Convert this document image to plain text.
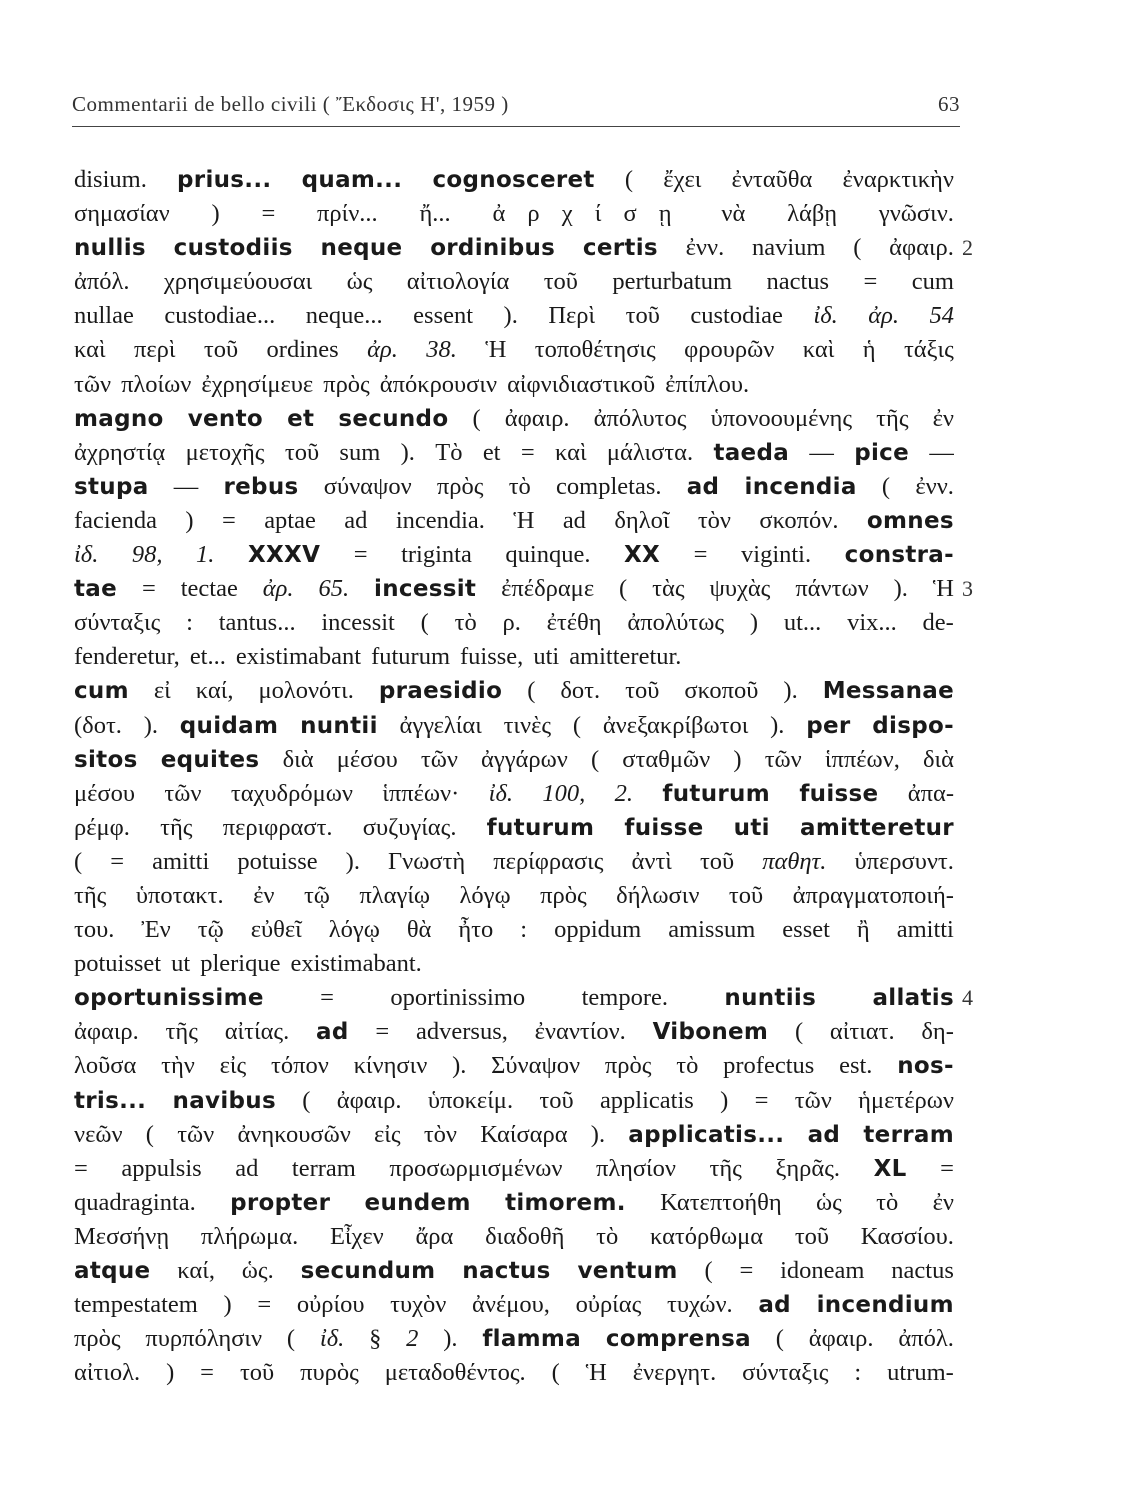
Commentarii de bello civili ( Ἔκδοσις Η', 1959 )	63
disium. prius... quam... cognosceret ( ἔχει ἐνταῦθα ἐναρκτικὴν
σημασίαν ) = πρίν... ἤ... ἀ ρ χ ί σ ῃ νὰ λάβῃ γνῶσιν.
nullis custodiis neque ordinibus certis ἐνν. navium ( ἀφαιρ.
ἀπόλ. χρησιμεύουσαι ὡς αἰτιολογία τοῦ perturbatum nactus = cum
nullae custodiae... neque... essent ). Περὶ τοῦ custodiae ἰδ. ἀρ. 54
καὶ περὶ τοῦ ordines ἀρ. 38. Ἡ τοποθέτησις φρουρῶν καὶ ἡ τάξις
τῶν πλοίων ἐχρησίμευε πρὸς ἀπόκρουσιν αἰφνιδιαστικοῦ ἐπίπλου.
magno vento et secundo ( ἀφαιρ. ἀπόλυτος ὑπονοουμένης τῆς ἐν
ἀχρηστίᾳ μετοχῆς τοῦ sum ). Τὸ et = καὶ μάλιστα. taeda — pice —
stupa — rebus σύναψον πρὸς τὸ completas. ad incendia ( ἐνν.
facienda ) = aptae ad incendia. Ἡ ad δηλοῖ τὸν σκοπόν. omnes
ἰδ. 98, 1. XXXV = triginta quinque. XX = viginti. constra-
tae = tectae ἀρ. 65. incessit ἐπέδραμε ( τὰς ψυχὰς πάντων ). Ἡ
σύνταξις : tantus... incessit ( τὸ ρ. ἐτέθη ἀπολύτως ) ut... vix... de-
fenderetur, et... existimabant futurum fuisse, uti amitteretur.
cum εἰ καί, μολονότι. praesidio ( δοτ. τοῦ σκοποῦ ). Messanae
(δοτ. ). quidam nuntii ἀγγελίαι τινὲς ( ἀνεξακρίβωτοι ). per dispo-
sitos equites διὰ μέσου τῶν ἀγγάρων ( σταθμῶν ) τῶν ἱππέων, διὰ
μέσου τῶν ταχυδρόμων ἱππέων· ἰδ. 100, 2. futurum fuisse ἀπα-
ρέμφ. τῆς περιφραστ. συζυγίας. futurum fuisse uti amitteretur
( = amitti potuisse ). Γνωστὴ περίφρασις ἀντὶ τοῦ παθητ. ὑπερσυντ.
τῆς ὑποτακτ. ἐν τῷ πλαγίῳ λόγῳ πρὸς δήλωσιν τοῦ ἀπραγματοποιή-
του. Ἐν τῷ εὐθεῖ λόγῳ θὰ ἦτο : oppidum amissum esset ἢ amitti
potuisset ut plerique existimabant.
oportunissime = oportinissimo tempore. nuntiis allatis
ἀφαιρ. τῆς αἰτίας. ad = adversus, ἐναντίον. Vibonem ( αἰτιατ. δη-
λοῦσα τὴν εἰς τόπον κίνησιν ). Σύναψον πρὸς τὸ profectus est. nos-
tris... navibus ( ἀφαιρ. ὑποκείμ. τοῦ applicatis ) = τῶν ἡμετέρων
νεῶν ( τῶν ἀνηκουσῶν εἰς τὸν Καίσαρα ). applicatis... ad terram
= appulsis ad terram προσωρμισμένων πλησίον τῆς ξηρᾶς. XL =
quadraginta. propter eundem timorem. Κατεπτοήθη ὡς τὸ ἐν
Μεσσήνῃ πλήρωμα. Εἶχεν ἄρα διαδοθῆ τὸ κατόρθωμα τοῦ Κασσίου.
atque καί, ὡς. secundum nactus ventum ( = idoneam nactus
tempestatem ) = οὐρίου τυχὸν ἀνέμου, οὐρίας τυχών. ad incendium
πρὸς πυρπόλησιν ( ἰδ. § 2 ). flamma comprensa ( ἀφαιρ. ἀπόλ.
αἰτιολ. ) = τοῦ πυρὸς μεταδοθέντος. ( Ἡ ἐνεργητ. σύνταξις : utrum-
2
3
4
